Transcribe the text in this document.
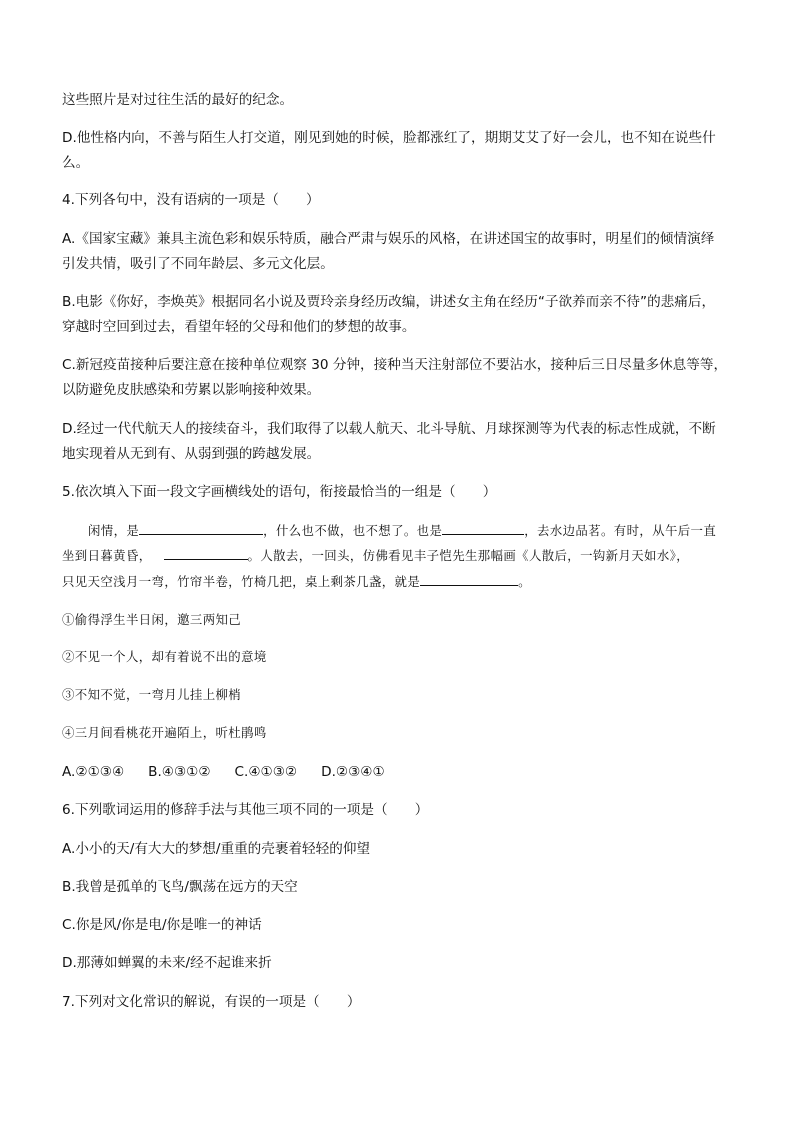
这些照片是对过往生活的最好的纪念。
D.他性格内向，不善与陌生人打交道，刚见到她的时候，脸都涨红了，期期艾艾了好一会儿，也不知在说些什
么。
4.下列各句中，没有语病的一项是（　　）
A.《国家宝藏》兼具主流色彩和娱乐特质，融合严肃与娱乐的风格，在讲述国宝的故事时，明星们的倾情演绎
引发共情，吸引了不同年龄层、多元文化层。
B.电影《你好，李焕英》根据同名小说及贾玲亲身经历改编，讲述女主角在经历“子欲养而亲不待”的悲痛后，
穿越时空回到过去，看望年轻的父母和他们的梦想的故事。
C.新冠疫苗接种后要注意在接种单位观察 30 分钟，接种当天注射部位不要沾水，接种后三日尽量多休息等等，
以防避免皮肤感染和劳累以影响接种效果。
D.经过一代代航天人的接续奋斗，我们取得了以载人航天、北斗导航、月球探测等为代表的标志性成就，不断
地实现着从无到有、从弱到强的跨越发展。
5.依次填入下面一段文字画横线处的语句，衔接最恰当的一组是（　　）
闲情，是	，什么也不做，也不想了。也是	，去水边品茗。有时，从午后一直
坐到日暮黄昏，	。人散去，一回头，仿佛看见丰子恺先生那幅画《人散后，一钩新月天如水》，
只见天空浅月一弯，竹帘半卷，竹椅几把，桌上剩茶几盏，就是	。
①偷得浮生半日闲，邀三两知己
②不见一个人，却有着说不出的意境
③不知不觉，一弯月儿挂上柳梢
④三月间看桃花开遍陌上，听杜鹃鸣
A.②①③④ B.④③①② C.④①③② D.②③④①
6.下列歌词运用的修辞手法与其他三项不同的一项是（　　）
A.小小的天/有大大的梦想/重重的壳裹着轻轻的仰望
B.我曾是孤单的飞鸟/飘荡在远方的天空
C.你是风/你是电/你是唯一的神话
D.那薄如蝉翼的未来/经不起谁来折
7.下列对文化常识的解说，有误的一项是（　　）
